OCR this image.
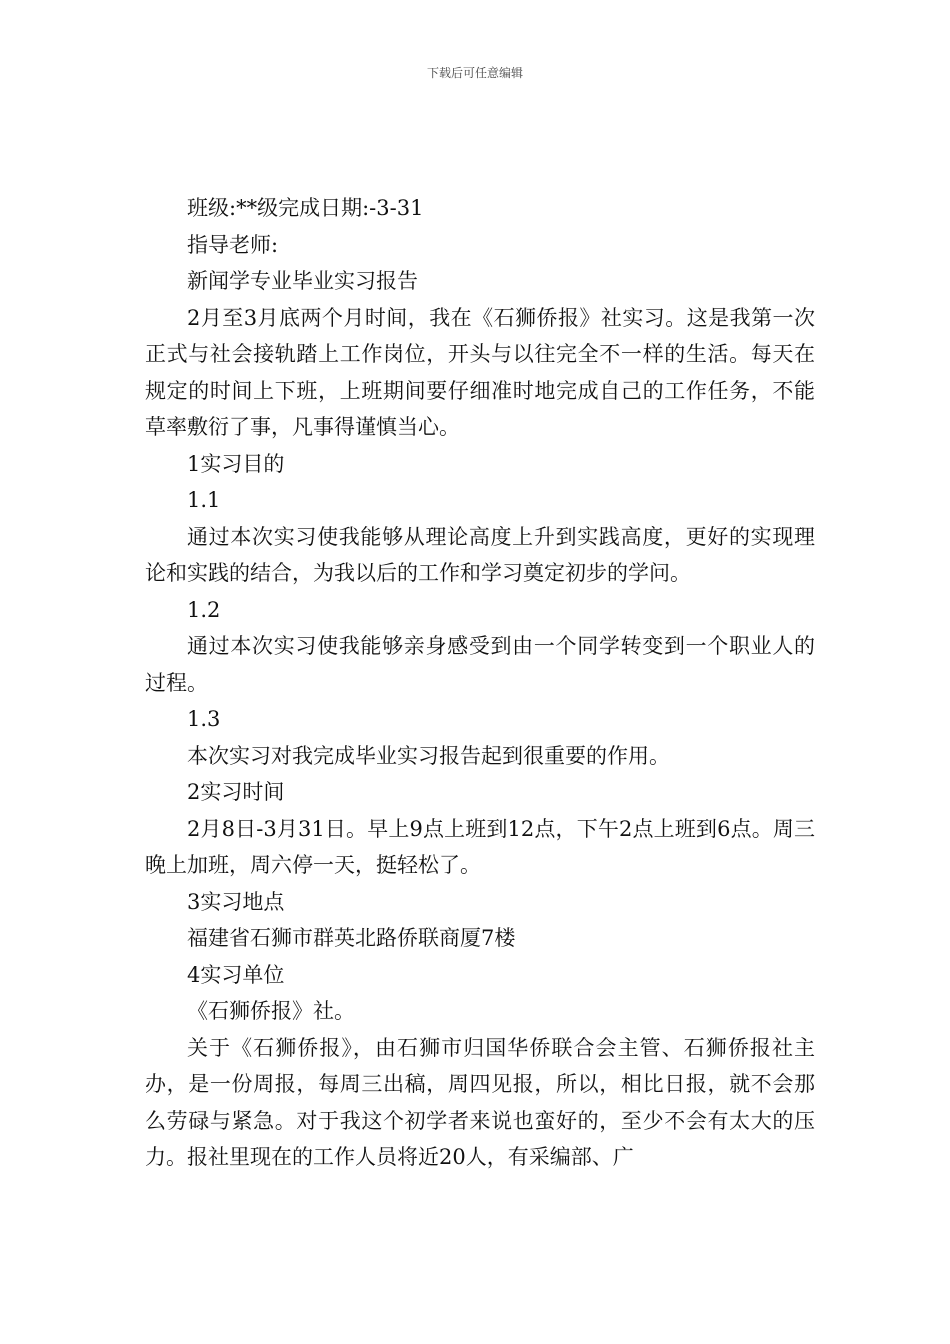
下载后可任意编辑

班级:**级完成日期:-3-31

指导老师:

新闻学专业毕业实习报告

2月至3月底两个月时间，我在《石狮侨报》社实习。这是我第一次正式与社会接轨踏上工作岗位，开头与以往完全不一样的生活。每天在规定的时间上下班，上班期间要仔细准时地完成自己的工作任务，不能草率敷衍了事，凡事得谨慎当心。

1实习目的

1.1

通过本次实习使我能够从理论高度上升到实践高度，更好的实现理论和实践的结合，为我以后的工作和学习奠定初步的学问。

1.2

通过本次实习使我能够亲身感受到由一个同学转变到一个职业人的过程。

1.3

本次实习对我完成毕业实习报告起到很重要的作用。

2实习时间

2月8日-3月31日。早上9点上班到12点，下午2点上班到6点。周三晚上加班，周六停一天，挺轻松了。

3实习地点

福建省石狮市群英北路侨联商厦7楼

4实习单位

《石狮侨报》社。

关于《石狮侨报》，由石狮市归国华侨联合会主管、石狮侨报社主办，是一份周报，每周三出稿，周四见报，所以，相比日报，就不会那么劳碌与紧急。对于我这个初学者来说也蛮好的，至少不会有太大的压力。报社里现在的工作人员将近20人，有采编部、广
